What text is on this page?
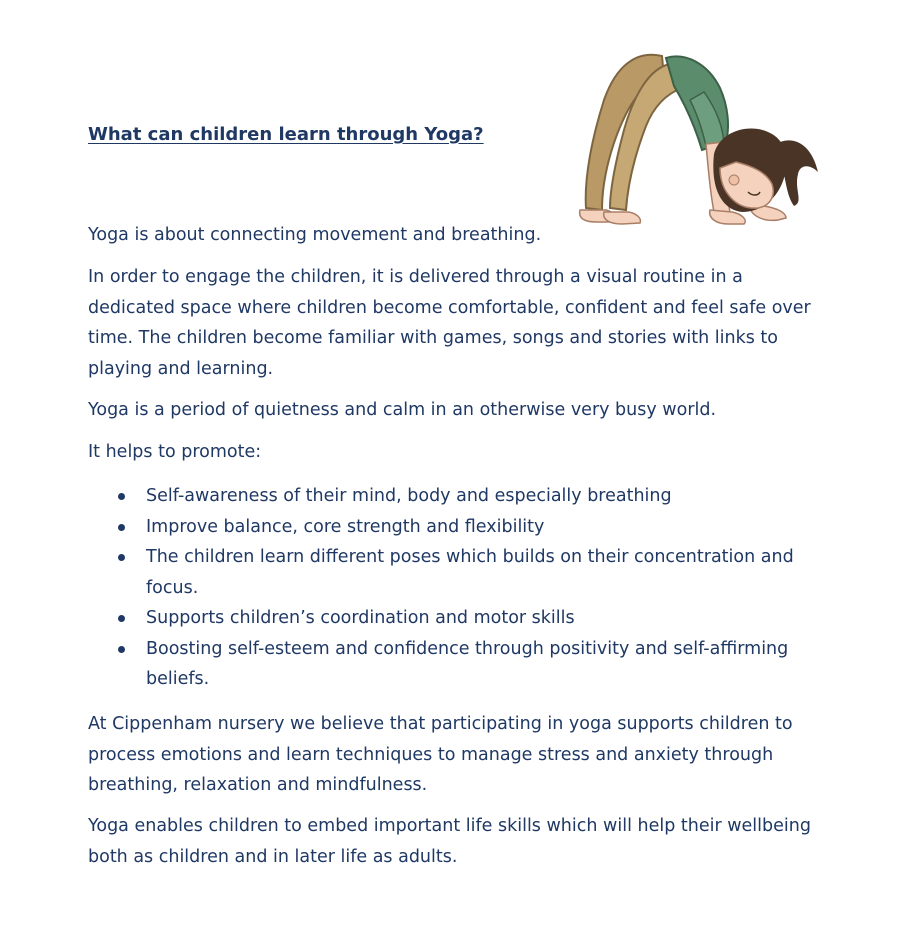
What can children learn through Yoga?

Yoga is about connecting movement and breathing.

In order to engage the children, it is delivered through a visual routine in a dedicated space where children become comfortable, confident and feel safe over time. The children become familiar with games, songs and stories with links to playing and learning.

Yoga is a period of quietness and calm in an otherwise very busy world.

It helps to promote:

Self-awareness of their mind, body and especially breathing
Improve balance, core strength and flexibility
The children learn different poses which builds on their concentration and focus.
Supports children’s coordination and motor skills
Boosting self-esteem and confidence through positivity and self-affirming beliefs.

At Cippenham nursery we believe that participating in yoga supports children to process emotions and learn techniques to manage stress and anxiety through breathing, relaxation and mindfulness.

Yoga enables children to embed important life skills which will help their wellbeing both as children and in later life as adults.
